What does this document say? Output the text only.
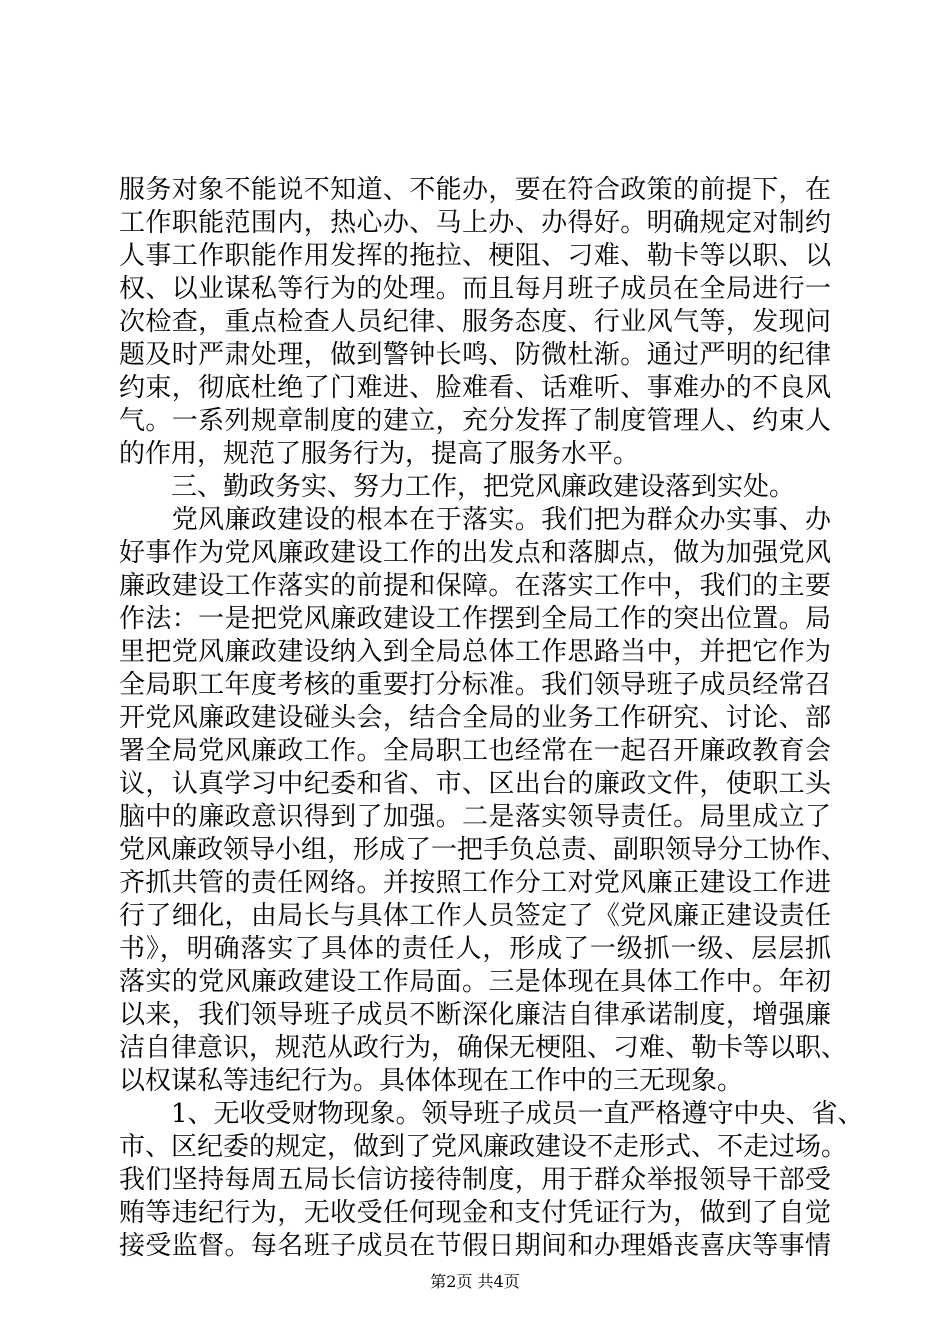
服务对象不能说不知道、不能办，要在符合政策的前提下，在
工作职能范围内，热心办、马上办、办得好。明确规定对制约
人事工作职能作用发挥的拖拉、梗阻、刁难、勒卡等以职、以
权、以业谋私等行为的处理。而且每月班子成员在全局进行一
次检查，重点检查人员纪律、服务态度、行业风气等，发现问
题及时严肃处理，做到警钟长鸣、防微杜渐。通过严明的纪律
约束，彻底杜绝了门难进、脸难看、话难听、事难办的不良风
气。一系列规章制度的建立，充分发挥了制度管理人、约束人
的作用，规范了服务行为，提高了服务水平。
　　三、勤政务实、努力工作，把党风廉政建设落到实处。
　　党风廉政建设的根本在于落实。我们把为群众办实事、办
好事作为党风廉政建设工作的出发点和落脚点，做为加强党风
廉政建设工作落实的前提和保障。在落实工作中，我们的主要
作法：一是把党风廉政建设工作摆到全局工作的突出位置。局
里把党风廉政建设纳入到全局总体工作思路当中，并把它作为
全局职工年度考核的重要打分标准。我们领导班子成员经常召
开党风廉政建设碰头会，结合全局的业务工作研究、讨论、部
署全局党风廉政工作。全局职工也经常在一起召开廉政教育会
议，认真学习中纪委和省、市、区出台的廉政文件，使职工头
脑中的廉政意识得到了加强。二是落实领导责任。局里成立了
党风廉政领导小组，形成了一把手负总责、副职领导分工协作、
齐抓共管的责任网络。并按照工作分工对党风廉正建设工作进
行了细化，由局长与具体工作人员签定了《党风廉正建设责任
书》，明确落实了具体的责任人，形成了一级抓一级、层层抓
落实的党风廉政建设工作局面。三是体现在具体工作中。年初
以来，我们领导班子成员不断深化廉洁自律承诺制度，增强廉
洁自律意识，规范从政行为，确保无梗阻、刁难、勒卡等以职、
以权谋私等违纪行为。具体体现在工作中的三无现象。
　　1、无收受财物现象。领导班子成员一直严格遵守中央、省、
市、区纪委的规定，做到了党风廉政建设不走形式、不走过场。
我们坚持每周五局长信访接待制度，用于群众举报领导干部受
贿等违纪行为，无收受任何现金和支付凭证行为，做到了自觉
接受监督。每名班子成员在节假日期间和办理婚丧喜庆等事情
第2页 共4页
